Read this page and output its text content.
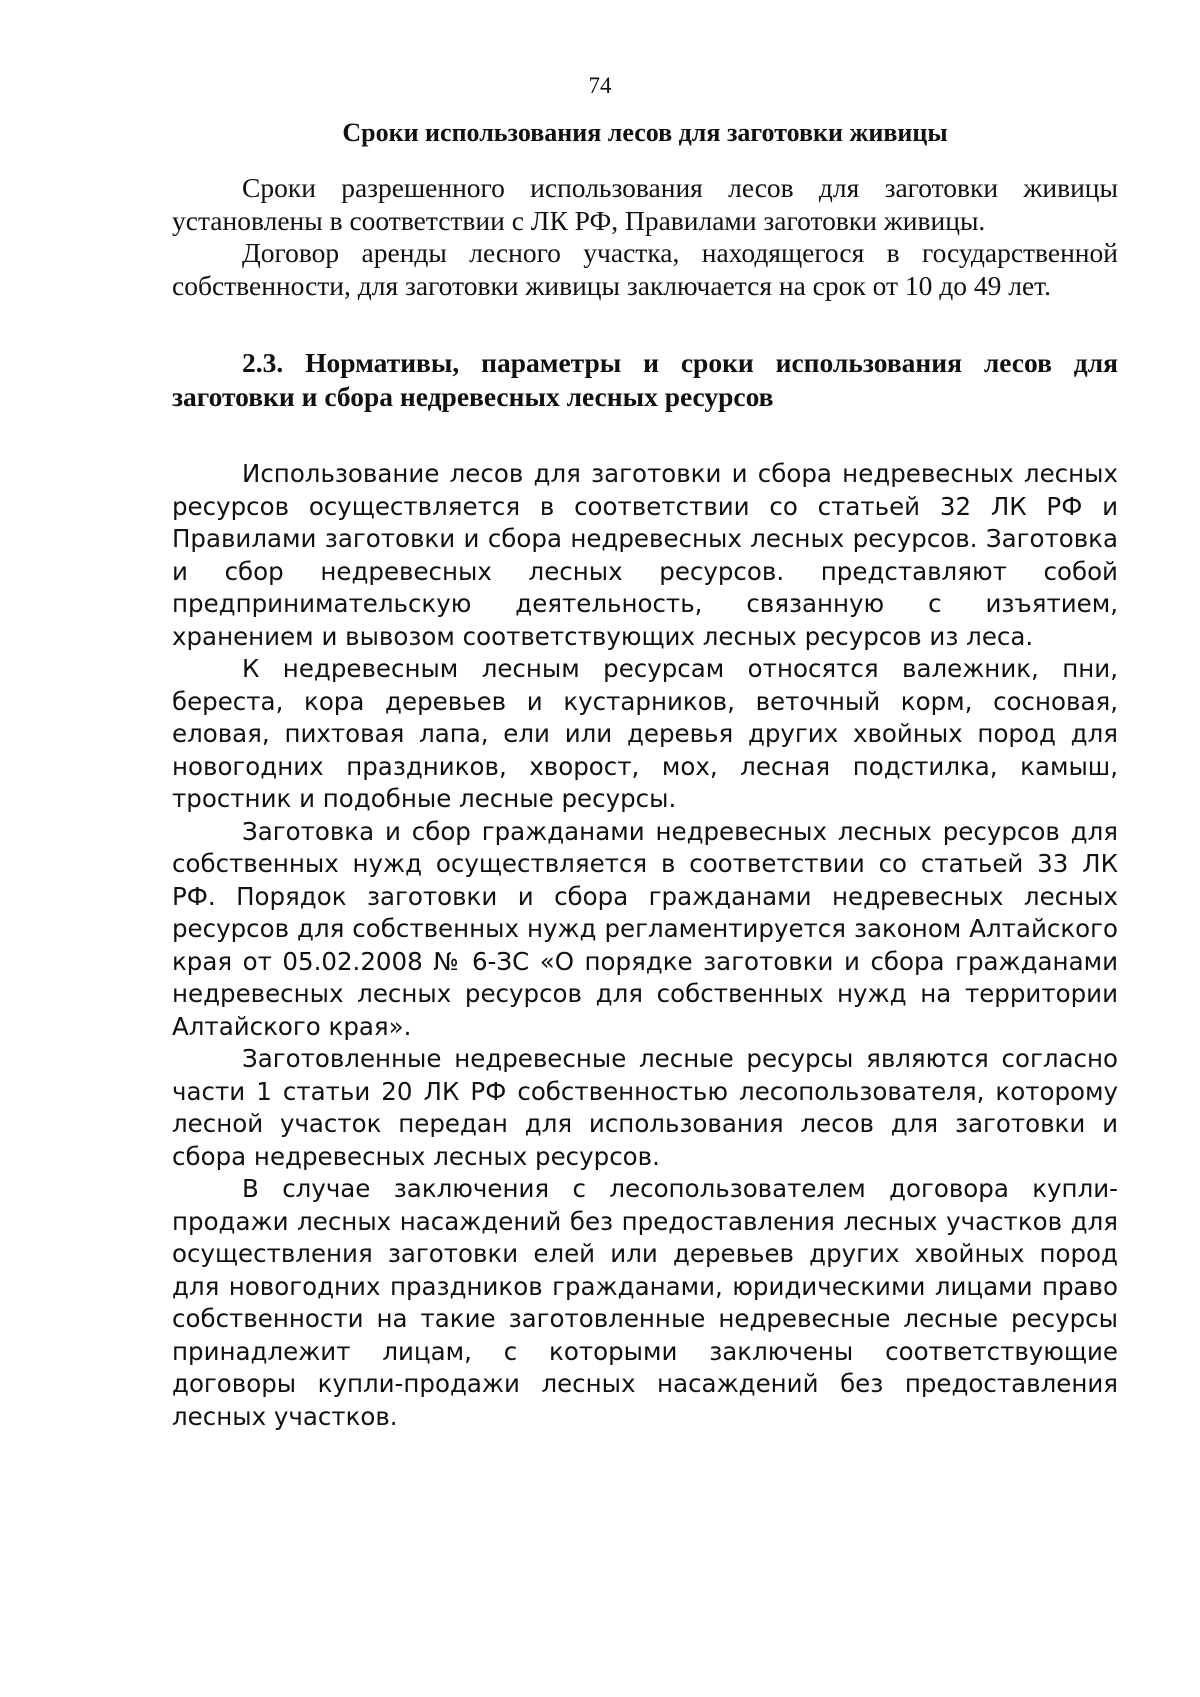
74
Сроки использования лесов для заготовки живицы

Сроки разрешенного использования лесов для заготовки живицы установлены в соответствии с ЛК РФ, Правилами заготовки живицы.

Договор аренды лесного участка, находящегося в государственной собственности, для заготовки живицы заключается на срок от 10 до 49 лет.

2.3. Нормативы, параметры и сроки использования лесов для заготовки и сбора недревесных лесных ресурсов

Использование лесов для заготовки и сбора недревесных лесных ресурсов осуществляется в соответствии со статьей 32 ЛК РФ и Правилами заготовки и сбора недревесных лесных ресурсов. Заготовка и сбор недревесных лесных ресурсов. представляют собой предпринимательскую деятельность, связанную с изъятием, хранением и вывозом соответствующих лесных ресурсов из леса.

К недревесным лесным ресурсам относятся валежник, пни, береста, кора деревьев и кустарников, веточный корм, сосновая, еловая, пихтовая лапа, ели или деревья других хвойных пород для новогодних праздников, хворост, мох, лесная подстилка, камыш, тростник и подобные лесные ресурсы.

Заготовка и сбор гражданами недревесных лесных ресурсов для собственных нужд осуществляется в соответствии со статьей 33 ЛК РФ. Порядок заготовки и сбора гражданами недревесных лесных ресурсов для собственных нужд регламентируется законом Алтайского края от 05.02.2008 № 6-ЗС «О порядке заготовки и сбора гражданами недревесных лесных ресурсов для собственных нужд на территории Алтайского края».

Заготовленные недревесные лесные ресурсы являются согласно части 1 статьи 20 ЛК РФ собственностью лесопользователя, которому лесной участок передан для использования лесов для заготовки и сбора недревесных лесных ресурсов.

В случае заключения с лесопользователем договора купли-продажи лесных насаждений без предоставления лесных участков для осуществления заготовки елей или деревьев других хвойных пород для новогодних праздников гражданами, юридическими лицами право собственности на такие заготовленные недревесные лесные ресурсы принадлежит лицам, с которыми заключены соответствующие договоры купли-продажи лесных насаждений без предоставления лесных участков.
